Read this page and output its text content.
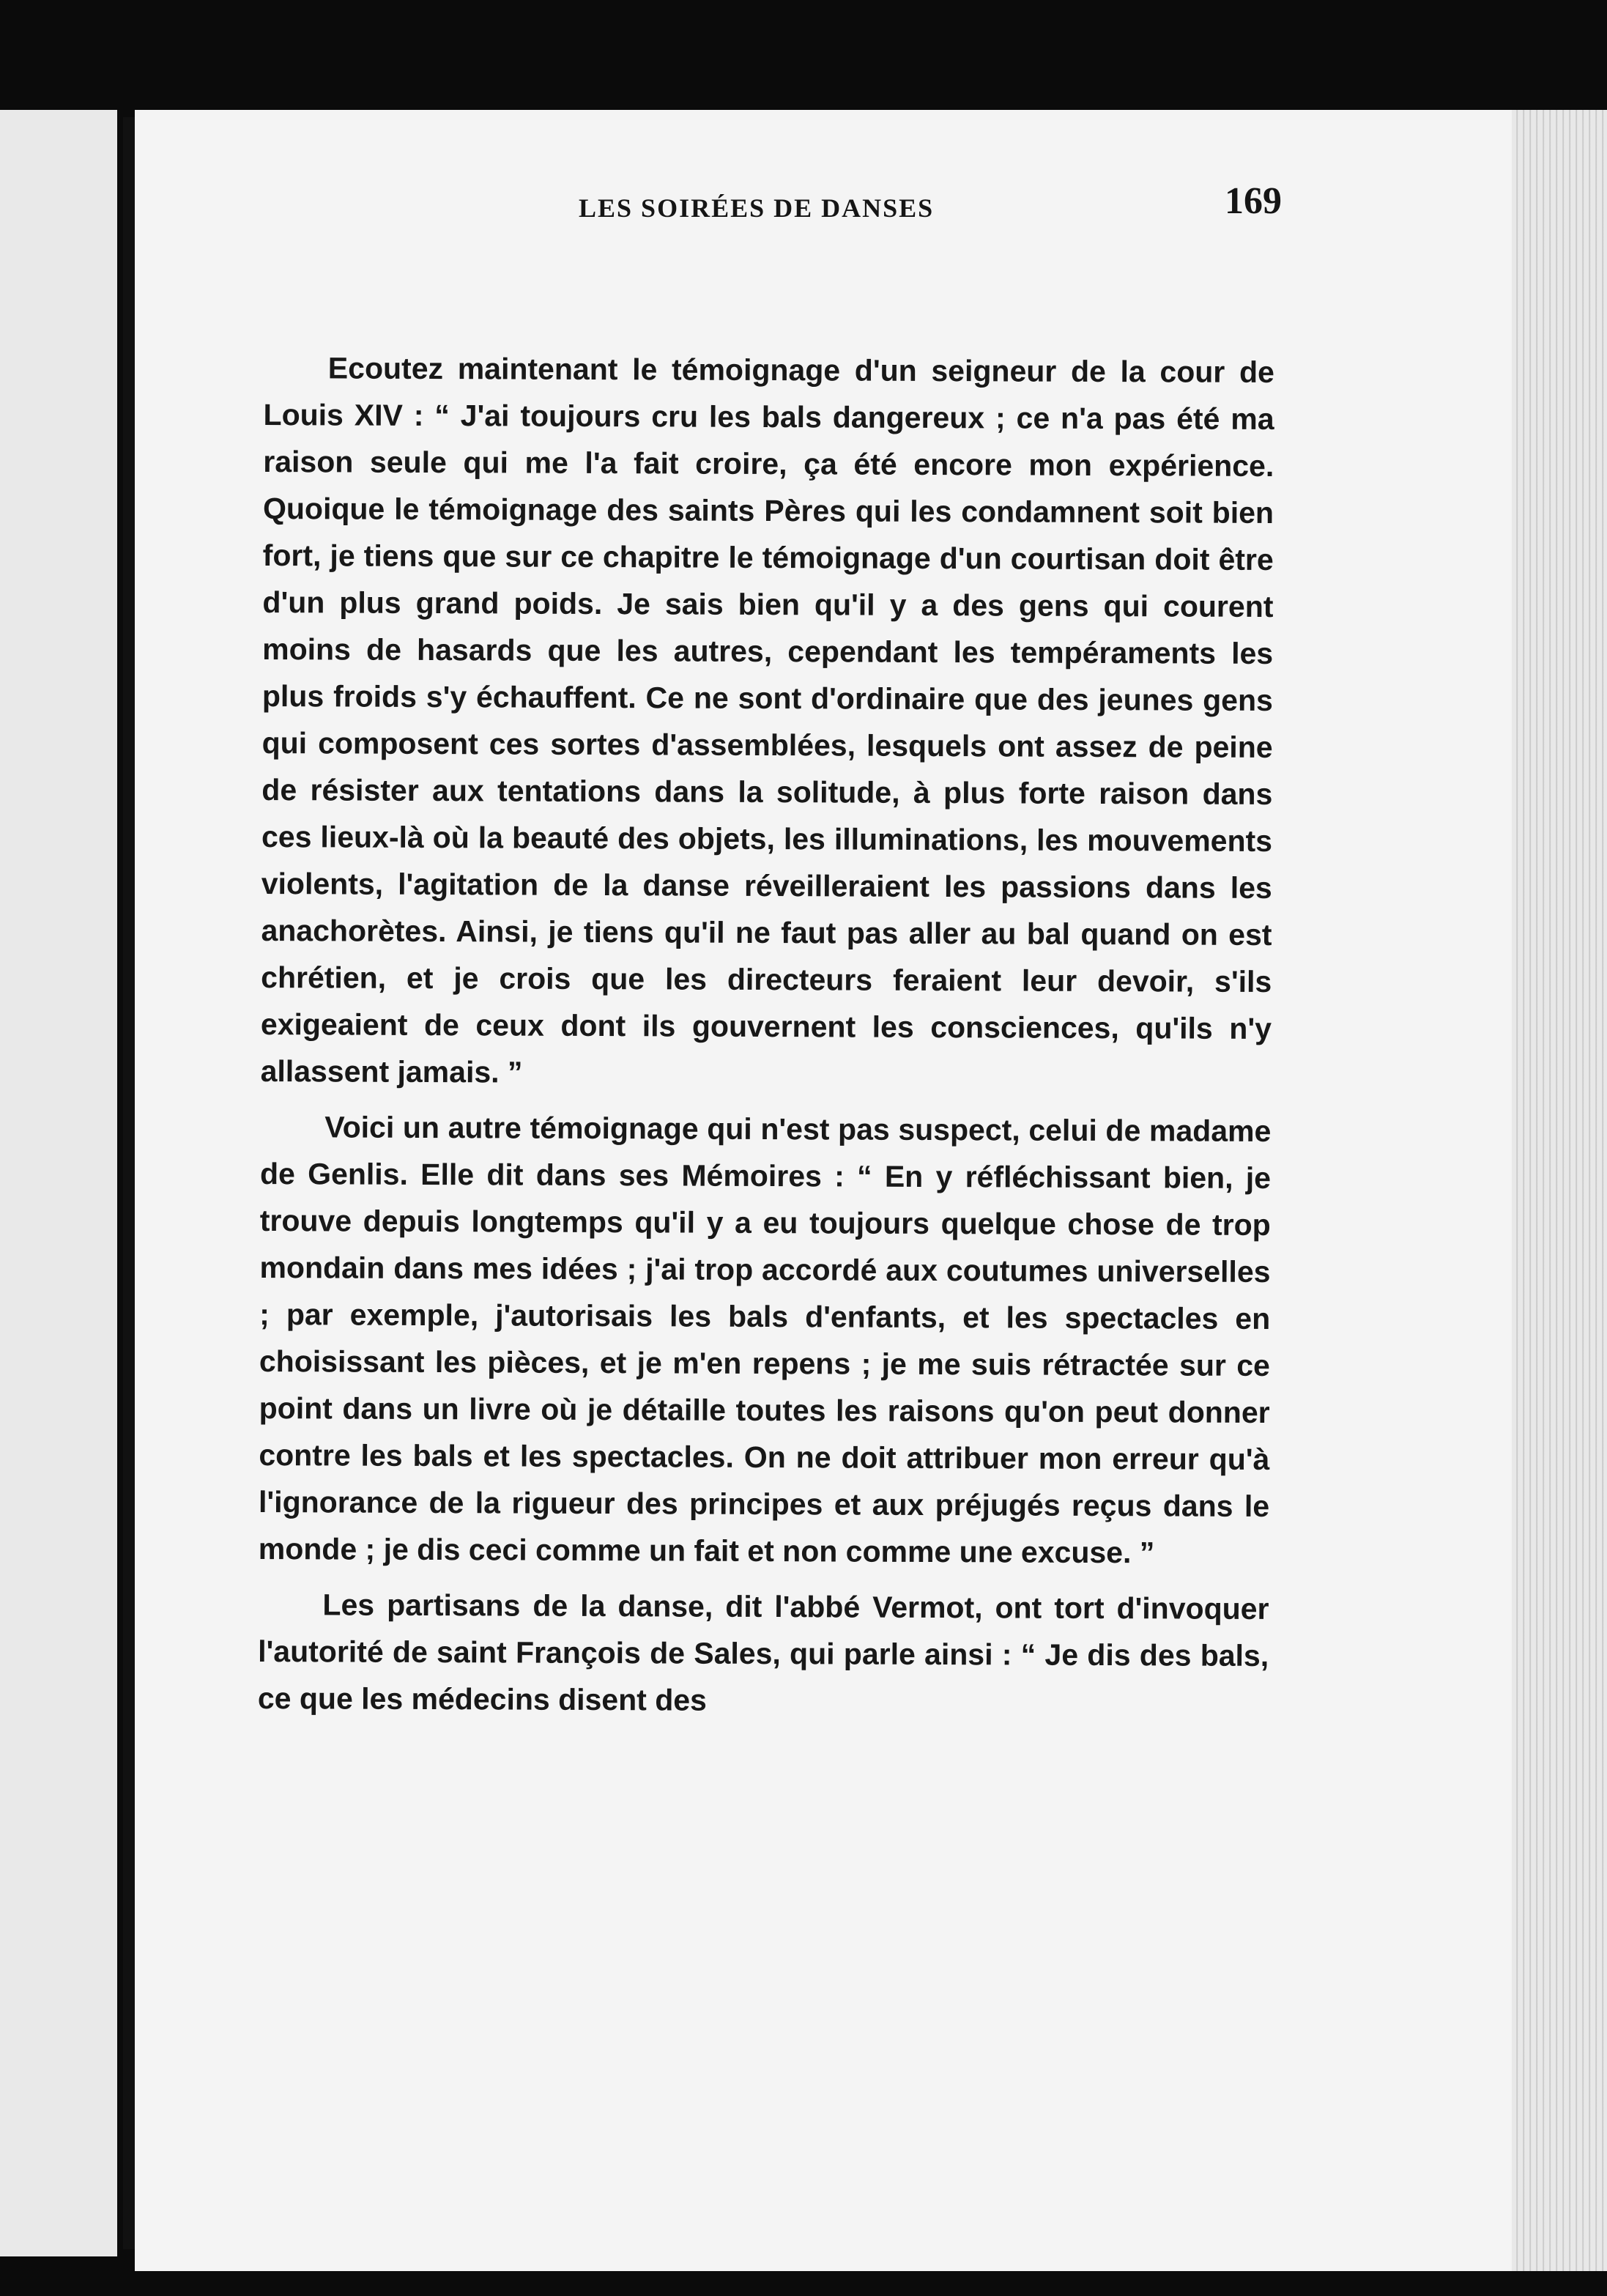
LES SOIRÉES DE DANSES	169

Ecoutez maintenant le témoignage d'un seigneur de la cour de Louis XIV : “ J'ai toujours cru les bals dangereux ; ce n'a pas été ma raison seule qui me l'a fait croire, ça été encore mon expérience. Quoique le témoignage des saints Pères qui les condamnent soit bien fort, je tiens que sur ce chapitre le témoignage d'un courtisan doit être d'un plus grand poids. Je sais bien qu'il y a des gens qui courent moins de hasards que les autres, cependant les tempéraments les plus froids s'y échauffent. Ce ne sont d'ordinaire que des jeunes gens qui composent ces sortes d'assemblées, lesquels ont assez de peine de résister aux tentations dans la solitude, à plus forte raison dans ces lieux-là où la beauté des objets, les illuminations, les mouvements violents, l'agitation de la danse réveilleraient les passions dans les anachorètes. Ainsi, je tiens qu'il ne faut pas aller au bal quand on est chrétien, et je crois que les directeurs feraient leur devoir, s'ils exigeaient de ceux dont ils gouvernent les consciences, qu'ils n'y allassent jamais. ”

Voici un autre témoignage qui n'est pas suspect, celui de madame de Genlis. Elle dit dans ses Mémoires : “ En y réfléchissant bien, je trouve depuis longtemps qu'il y a eu toujours quelque chose de trop mondain dans mes idées ; j'ai trop accordé aux coutumes universelles ; par exemple, j'autorisais les bals d'enfants, et les spectacles en choisissant les pièces, et je m'en repens ; je me suis rétractée sur ce point dans un livre où je détaille toutes les raisons qu'on peut donner contre les bals et les spectacles. On ne doit attribuer mon erreur qu'à l'ignorance de la rigueur des principes et aux préjugés reçus dans le monde ; je dis ceci comme un fait et non comme une excuse. ”

Les partisans de la danse, dit l'abbé Vermot, ont tort d'invoquer l'autorité de saint François de Sales, qui parle ainsi : “ Je dis des bals, ce que les médecins disent des
